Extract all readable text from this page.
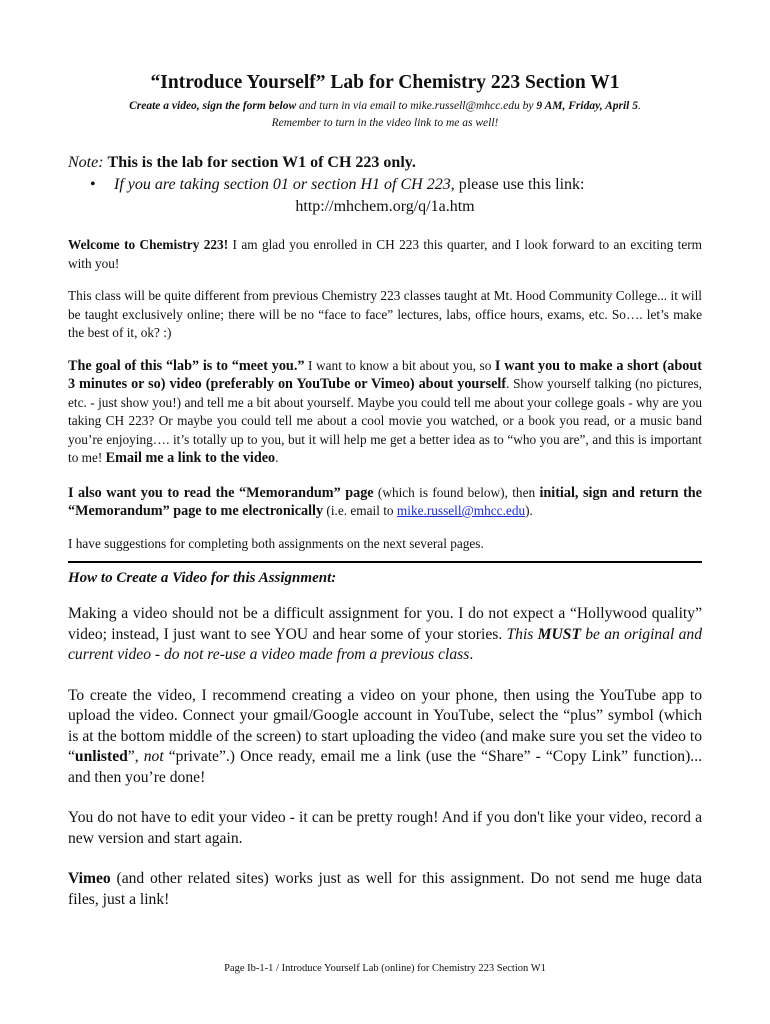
“Introduce Yourself” Lab for Chemistry 223 Section W1

Create a video, sign the form below and turn in via email to mike.russell@mhcc.edu by 9 AM, Friday, April 5.

Remember to turn in the video link to me as well!

Note: This is the lab for section W1 of CH 223 only.
•	If you are taking section 01 or section H1 of CH 223, please use this link:
http://mhchem.org/q/1a.htm

Welcome to Chemistry 223! I am glad you enrolled in CH 223 this quarter, and I look forward to an exciting term with you!

This class will be quite different from previous Chemistry 223 classes taught at Mt. Hood Community College... it will be taught exclusively online; there will be no “face to face” lectures, labs, office hours, exams, etc. So…. let’s make the best of it, ok? :)

The goal of this “lab” is to “meet you.” I want to know a bit about you, so I want you to make a short (about 3 minutes or so) video (preferably on YouTube or Vimeo) about yourself. Show yourself talking (no pictures, etc. - just show you!) and tell me a bit about yourself. Maybe you could tell me about your college goals - why are you taking CH 223? Or maybe you could tell me about a cool movie you watched, or a book you read, or a music band you’re enjoying…. it’s totally up to you, but it will help me get a better idea as to “who you are”, and this is important to me! Email me a link to the video.

I also want you to read the “Memorandum” page (which is found below), then initial, sign and return the “Memorandum” page to me electronically (i.e. email to mike.russell@mhcc.edu).

I have suggestions for completing both assignments on the next several pages.

How to Create a Video for this Assignment:

Making a video should not be a difficult assignment for you. I do not expect a “Hollywood quality” video; instead, I just want to see YOU and hear some of your stories. This MUST be an original and current video - do not re-use a video made from a previous class.

To create the video, I recommend creating a video on your phone, then using the YouTube app to upload the video. Connect your gmail/Google account in YouTube, select the “plus” symbol (which is at the bottom middle of the screen) to start uploading the video (and make sure you set the video to “unlisted”, not “private”.) Once ready, email me a link (use the “Share” - “Copy Link” function)... and then you’re done!

You do not have to edit your video - it can be pretty rough! And if you don't like your video, record a new version and start again.

Vimeo (and other related sites) works just as well for this assignment. Do not send me huge data files, just a link!

Page Ib-1-1 / Introduce Yourself Lab (online) for Chemistry 223 Section W1
